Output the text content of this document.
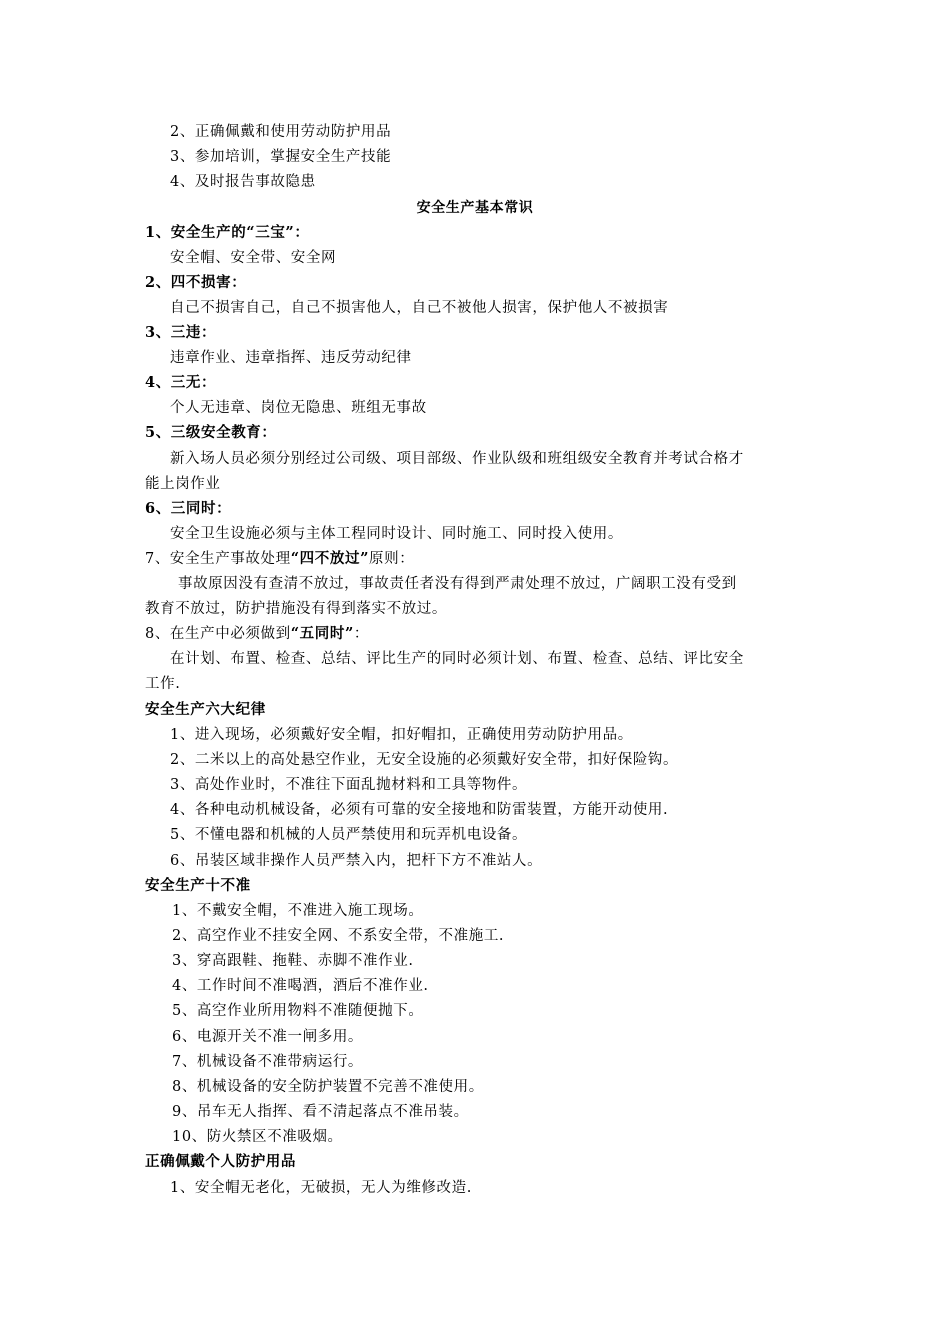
2、正确佩戴和使用劳动防护用品
3、参加培训，掌握安全生产技能
4、及时报告事故隐患
安全生产基本常识
1、安全生产的“三宝”：
安全帽、安全带、安全网
2、四不损害：
自己不损害自己，自己不损害他人，自己不被他人损害，保护他人不被损害
3、三违：
违章作业、违章指挥、违反劳动纪律
4、三无：
个人无违章、岗位无隐患、班组无事故
5、三级安全教育：
新入场人员必须分别经过公司级、项目部级、作业队级和班组级安全教育并考试合格才
能上岗作业
6、三同时：
安全卫生设施必须与主体工程同时设计、同时施工、同时投入使用。
7、安全生产事故处理“四不放过”原则：
事故原因没有查清不放过，事故责任者没有得到严肃处理不放过，广阔职工没有受到
教育不放过，防护措施没有得到落实不放过。
8、在生产中必须做到“五同时”：
在计划、布置、检查、总结、评比生产的同时必须计划、布置、检查、总结、评比安全
工作.
安全生产六大纪律
1、进入现场，必须戴好安全帽，扣好帽扣，正确使用劳动防护用品。
2、二米以上的高处悬空作业，无安全设施的必须戴好安全带，扣好保险钩。
3、高处作业时，不准往下面乱抛材料和工具等物件。
4、各种电动机械设备，必须有可靠的安全接地和防雷装置，方能开动使用.
5、不懂电器和机械的人员严禁使用和玩弄机电设备。
6、吊装区域非操作人员严禁入内，把杆下方不准站人。
安全生产十不准
1、不戴安全帽，不准进入施工现场。
2、高空作业不挂安全网、不系安全带，不准施工.
3、穿高跟鞋、拖鞋、赤脚不准作业.
4、工作时间不准喝酒，酒后不准作业.
5、高空作业所用物料不准随便抛下。
6、电源开关不准一闸多用。
7、机械设备不准带病运行。
8、机械设备的安全防护装置不完善不准使用。
9、吊车无人指挥、看不清起落点不准吊装。
10、防火禁区不准吸烟。
正确佩戴个人防护用品
1、安全帽无老化，无破损，无人为维修改造.
